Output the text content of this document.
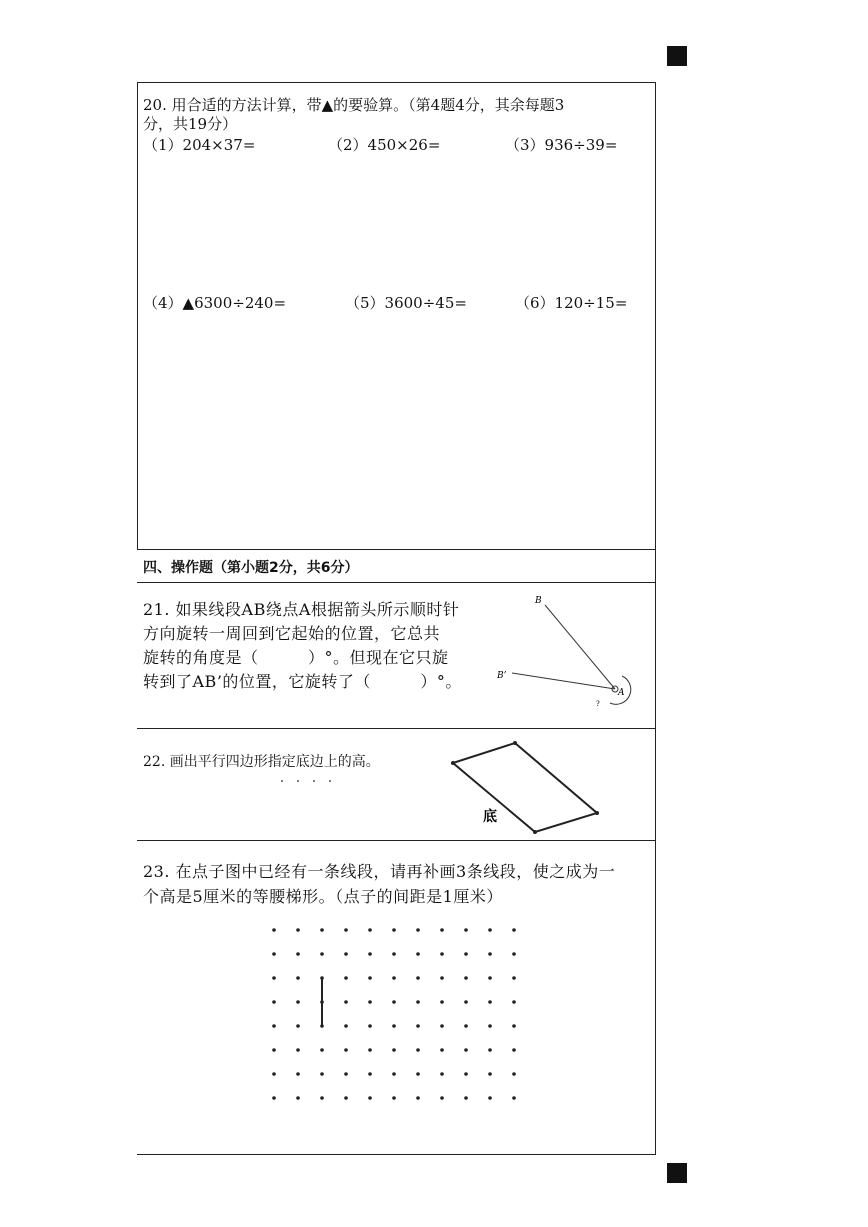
20. 用合适的方法计算，带▲的要验算。（第4题4分，其余每题3
分，共19分）
（1）204×37=	（2）450×26=	（3）936÷39=
（4）▲6300÷240=	（5）3600÷45=	（6）120÷15=
四、操作题（第小题2分，共6分）
21. 如果线段AB绕点A根据箭头所示顺时针
方向旋转一周回到它起始的位置，它总共
旋转的角度是（　　　）°。但现在它只旋
转到了AB’的位置，它旋转了（　　　）°。
B
B’
A
?
22. 画出平行四边形指定底边上的高。
底
23. 在点子图中已经有一条线段，请再补画3条线段，使之成为一
个高是5厘米的等腰梯形。（点子的间距是1厘米）
